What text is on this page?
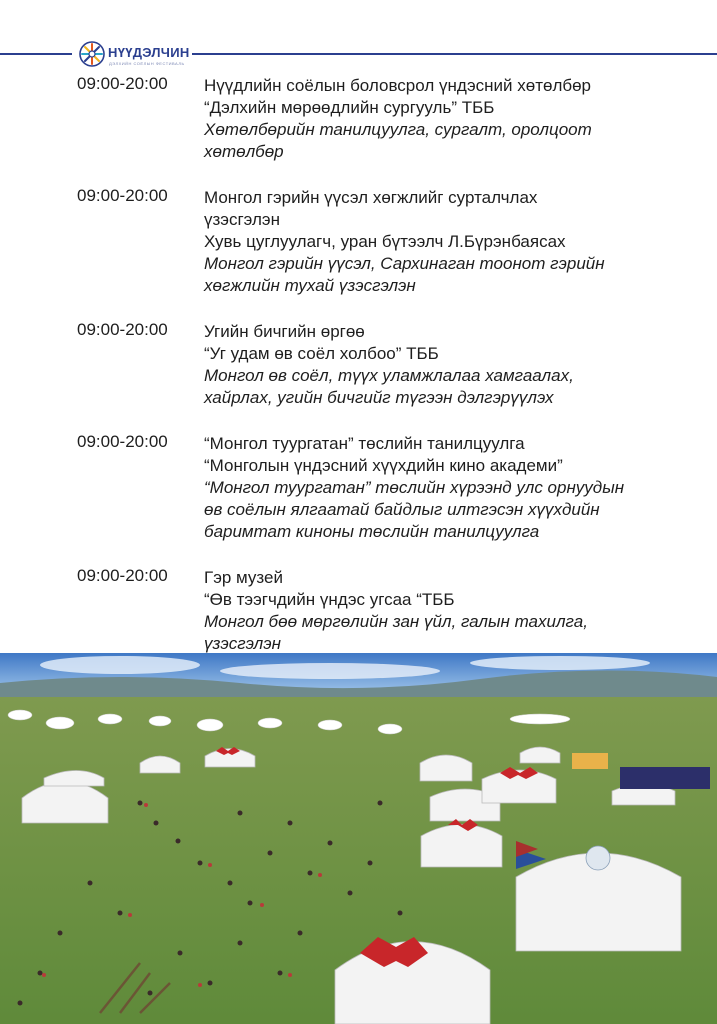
НҮҮДЭЛЧИН
ДЭЛХИЙН СОЁЛЫН ФЕСТИВАЛЬ
09:00-20:00 Нүүдлийн соёлын боловсрол үндэсний хөтөлбөр
“Дэлхийн мөрөөдлийн сургууль” ТББ
Хөтөлбөрийн танилцуулга, сургалт, оролцоот
хөтөлбөр
09:00-20:00 Монгол гэрийн үүсэл хөгжлийг сурталчлах
үзэсгэлэн
Хувь цуглуулагч, уран бүтээлч Л.Бүрэнбаясах
Монгол гэрийн үүсэл, Сархинаган тоонот гэрийн
хөгжлийн тухай үзэсгэлэн
09:00-20:00 Угийн бичгийн өргөө
“Уг удам өв соёл холбоо” ТББ
Монгол өв соёл, түүх уламжлалаа хамгаалах,
хайрлах, угийн бичгийг түгээн дэлгэрүүлэх
09:00-20:00 “Монгол туургатан” төслийн танилцуулга
“Монголын үндэсний хүүхдийн кино академи”
“Монгол туургатан” төслийн хүрээнд улс орнуудын
өв соёлын ялгаатай байдлыг илтгэсэн хүүхдийн
баримтат киноны төслийн танилцуулга
09:00-20:00 Гэр музей
“Өв тээгчдийн үндэс угсаа “ТББ
Монгол бөө мөргөлийн зан үйл, галын тахилга,
үзэсгэлэн
